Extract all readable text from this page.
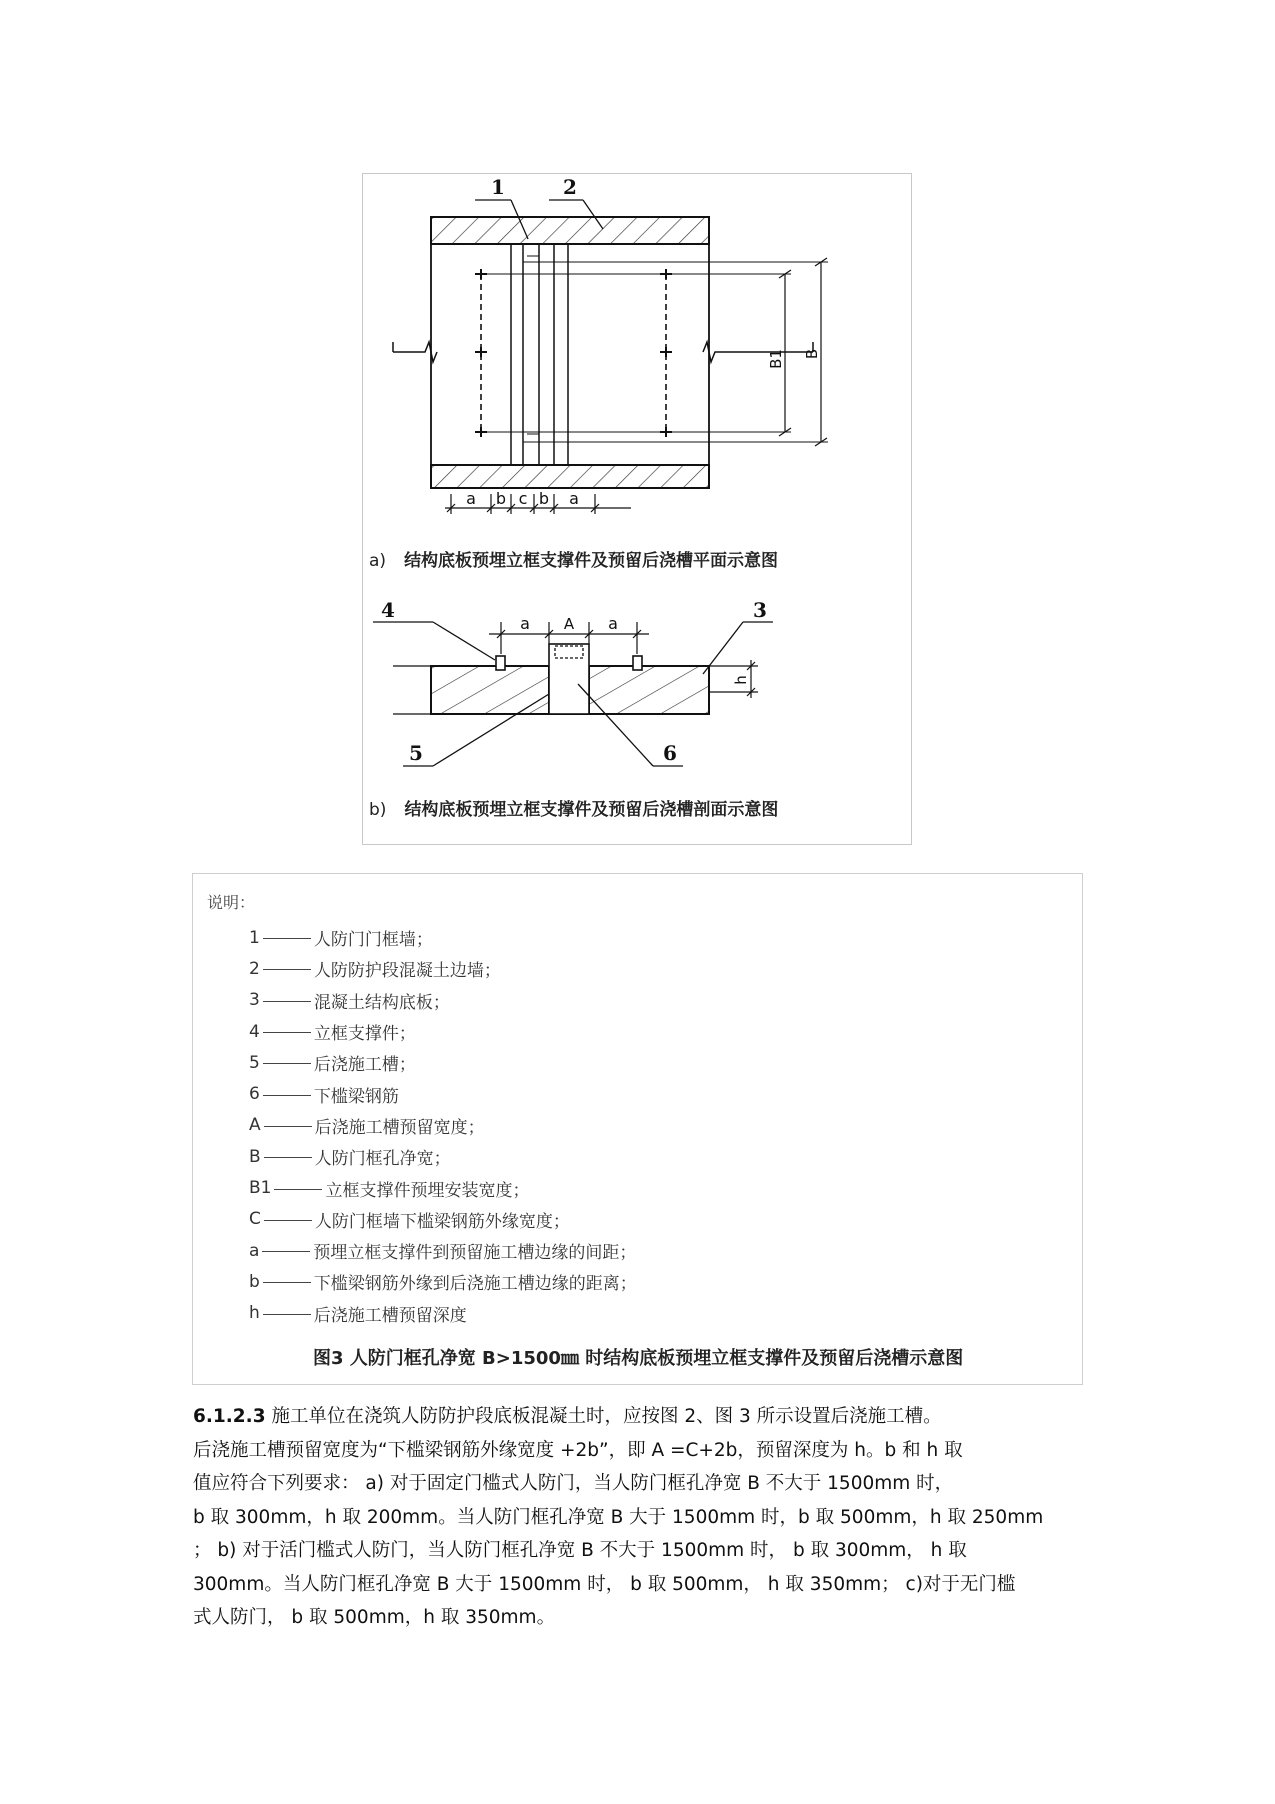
B1 B
1	2
a b c b a
a A a
h
4	3
5	6
a) 结构底板预埋立框支撑件及预留后浇槽平面示意图
b) 结构底板预埋立框支撑件及预留后浇槽剖面示意图
说明：
1	人防门门框墙；
2	人防防护段混凝土边墙；
3	混凝土结构底板；
4	立框支撑件；
5	后浇施工槽；
6	下槛梁钢筋
A	后浇施工槽预留宽度；
B	人防门框孔净宽；
B1	立框支撑件预埋安装宽度；
C	人防门框墙下槛梁钢筋外缘宽度；
a	预埋立框支撑件到预留施工槽边缘的间距；
b	下槛梁钢筋外缘到后浇施工槽边缘的距离；
h	后浇施工槽预留深度
图3 人防门框孔净宽 B>1500㎜ 时结构底板预埋立框支撑件及预留后浇槽示意图
6.1.2.3 施工单位在浇筑人防防护段底板混凝土时，应按图 2、图 3 所示设置后浇施工槽。
后浇施工槽预留宽度为“下槛梁钢筋外缘宽度 +2b”，即 A =C+2b，预留深度为 h。b 和 h 取
值应符合下列要求： a) 对于固定门槛式人防门，当人防门框孔净宽 B 不大于 1500mm 时，
b 取 300mm，h 取 200mm。当人防门框孔净宽 B 大于 1500mm 时，b 取 500mm，h 取 250mm
； b) 对于活门槛式人防门，当人防门框孔净宽 B 不大于 1500mm 时， b 取 300mm， h 取
300mm。当人防门框孔净宽 B 大于 1500mm 时， b 取 500mm， h 取 350mm； c)对于无门槛
式人防门， b 取 500mm，h 取 350mm。
